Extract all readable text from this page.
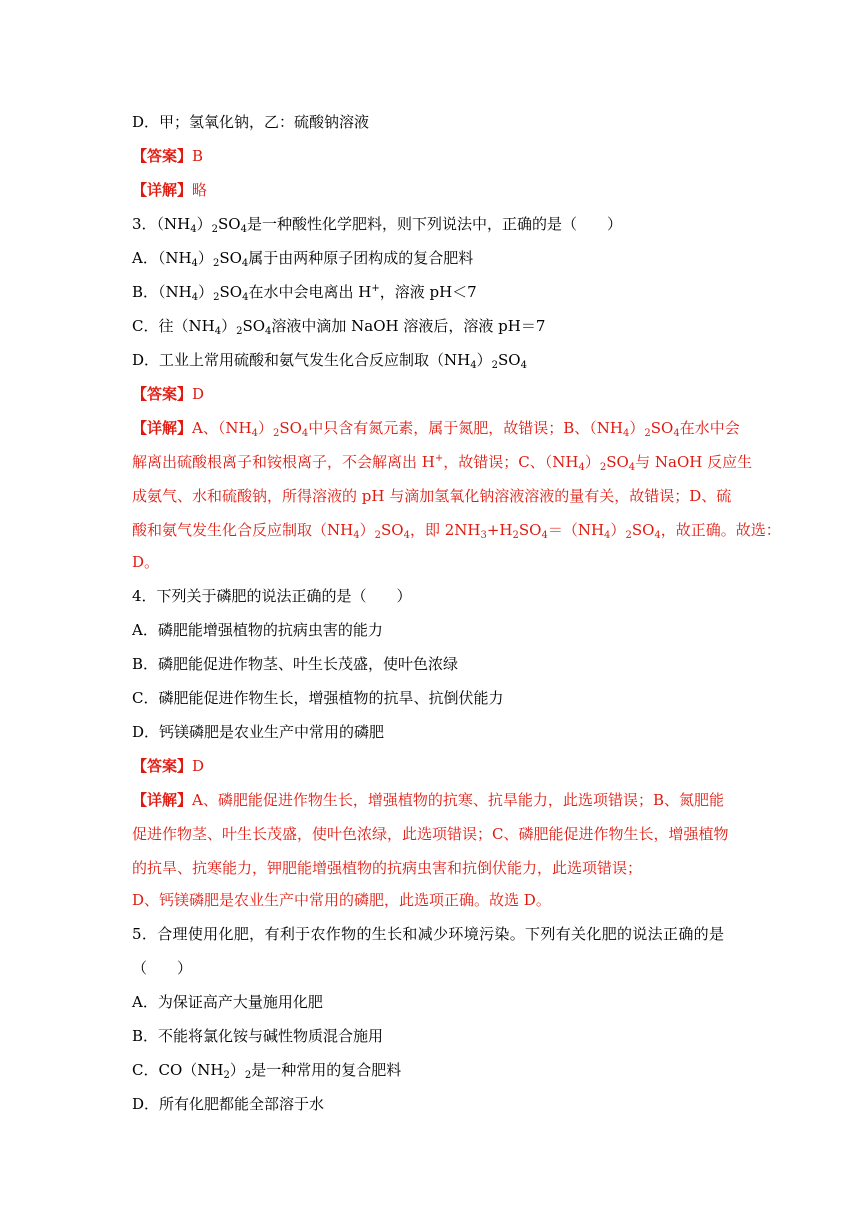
D．甲；氢氧化钠，乙：硫酸钠溶液
【答案】B
【详解】略
3．$(NH_4)_2SO_4$是一种酸性化学肥料，则下列说法中，正确的是（　　）
A．$(NH_4)_2SO_4$属于由两种原子团构成的复合肥料
B．$(NH_4)_2SO_4$在水中会电离出 H+，溶液 pH＜7
C．往$(NH_4)_2SO_4$溶液中滴加 NaOH 溶液后，溶液 pH＝7
D．工业上常用硫酸和氨气发生化合反应制取$(NH_4)_2SO_4$
【答案】D
【详解】A、$(NH_4)_2SO_4$中只含有氮元素，属于氮肥，故错误；B、$(NH_4)_2SO_4$在水中会
解离出硫酸根离子和铵根离子，不会解离出 H+，故错误；C、$(NH_4)_2SO_4$与 NaOH 反应生
成氨气、水和硫酸钠，所得溶液的 pH 与滴加氢氧化钠溶液溶液的量有关，故错误；D、硫
酸和氨气发生化合反应制取$(NH_4)_2SO_4$，即 $2NH_3+H_2SO_4=(NH_4)_2SO_4$，故正确。故选：
D。
4．下列关于磷肥的说法正确的是（　　）
A．磷肥能增强植物的抗病虫害的能力
B．磷肥能促进作物茎、叶生长茂盛，使叶色浓绿
C．磷肥能促进作物生长，增强植物的抗旱、抗倒伏能力
D．钙镁磷肥是农业生产中常用的磷肥
【答案】D
【详解】A、磷肥能促进作物生长，增强植物的抗寒、抗旱能力，此选项错误；B、氮肥能
促进作物茎、叶生长茂盛，使叶色浓绿，此选项错误；C、磷肥能促进作物生长，增强植物
的抗旱、抗寒能力，钾肥能增强植物的抗病虫害和抗倒伏能力，此选项错误；
D、钙镁磷肥是农业生产中常用的磷肥，此选项正确。故选 D。
5．合理使用化肥，有利于农作物的生长和减少环境污染。下列有关化肥的说法正确的是
（　　）
A．为保证高产大量施用化肥
B．不能将氯化铵与碱性物质混合施用
C．$CO(NH_2)_2$是一种常用的复合肥料
D．所有化肥都能全部溶于水
